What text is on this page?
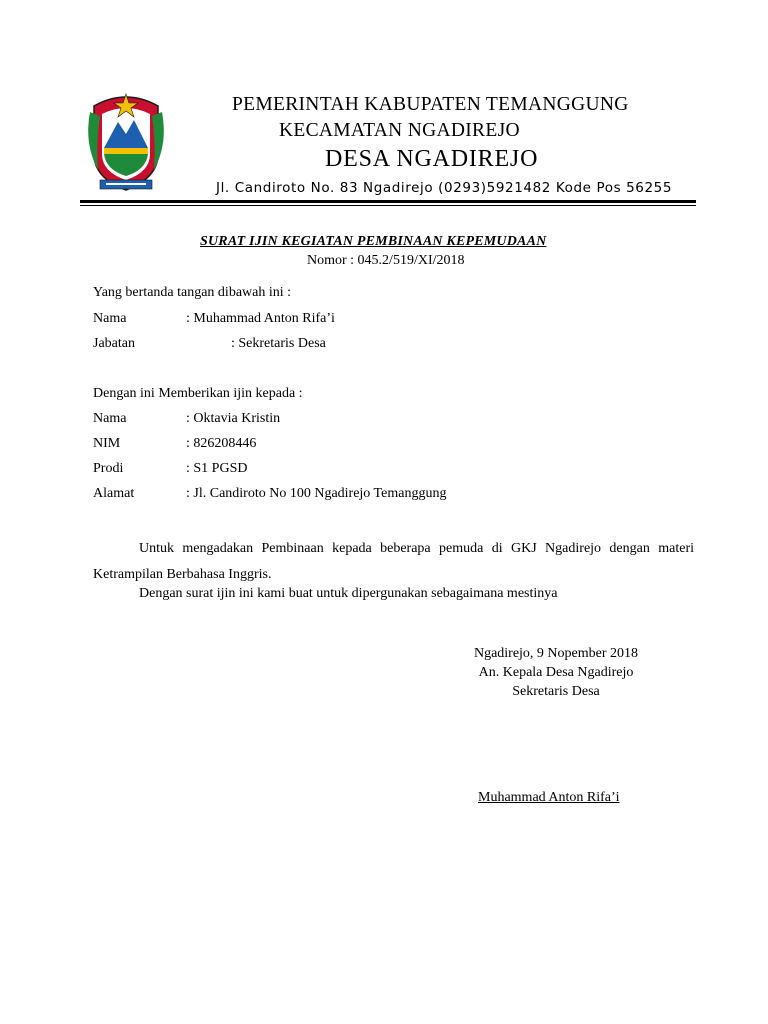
PEMERINTAH KABUPATEN TEMANGGUNG
KECAMATAN NGADIREJO
DESA NGADIREJO
Jl. Candiroto No. 83 Ngadirejo (0293)5921482 Kode Pos 56255
SURAT IJIN KEGIATAN PEMBINAAN KEPEMUDAAN
Nomor : 045.2/519/XI/2018
Yang bertanda tangan dibawah ini :
Nama	: Muhammad Anton Rifa’i
Jabatan	: Sekretaris Desa
Dengan ini Memberikan ijin kepada :
Nama	: Oktavia Kristin
NIM	: 826208446
Prodi	: S1 PGSD
Alamat	: Jl. Candiroto No 100 Ngadirejo Temanggung
Untuk mengadakan Pembinaan kepada beberapa pemuda di GKJ Ngadirejo dengan materi Ketrampilan Berbahasa Inggris.
Dengan surat ijin ini kami buat untuk dipergunakan sebagaimana mestinya
Ngadirejo, 9 Nopember 2018
An. Kepala Desa Ngadirejo
Sekretaris Desa
Muhammad Anton Rifa’i
